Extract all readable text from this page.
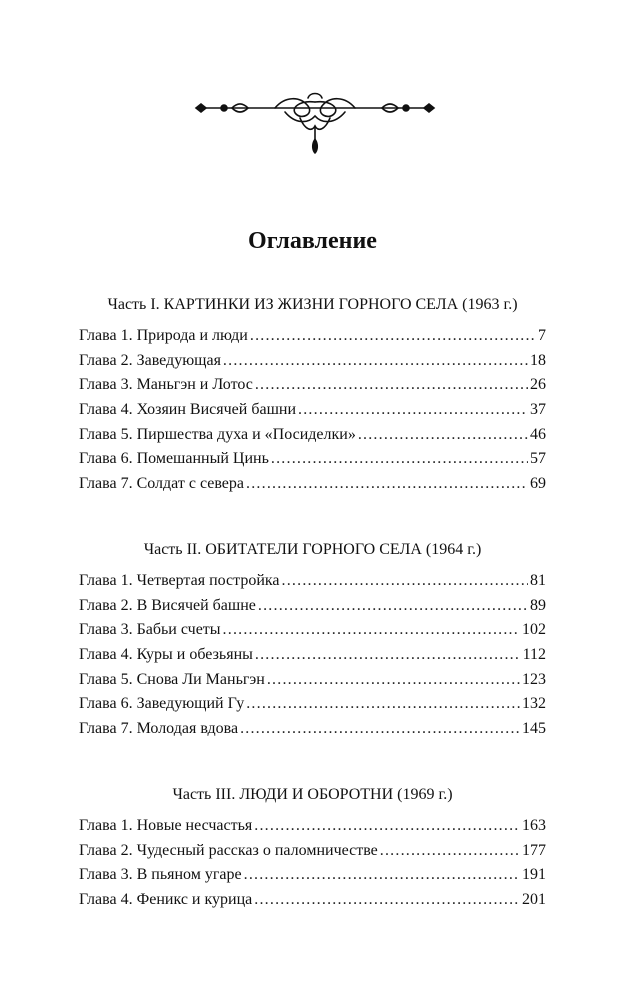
Оглавление
Часть I. КАРТИНКИ ИЗ ЖИЗНИ ГОРНОГО СЕЛА (1963 г.)
Глава 1. Природа и люди .....	7
Глава 2. Заведующая .....	18
Глава 3. Маньгэн и Лотос .....	26
Глава 4. Хозяин Висячей башни .....	37
Глава 5. Пиршества духа и «Посиделки» .....	46
Глава 6. Помешанный Цинь .....	57
Глава 7. Солдат с севера .....	69
Часть II. ОБИТАТЕЛИ ГОРНОГО СЕЛА (1964 г.)
Глава 1. Четвертая постройка .....	81
Глава 2. В Висячей башне .....	89
Глава 3. Бабьи счеты .....	102
Глава 4. Куры и обезьяны .....	112
Глава 5. Снова Ли Маньгэн .....	123
Глава 6. Заведующий Гу .....	132
Глава 7. Молодая вдова .....	145
Часть III. ЛЮДИ И ОБОРОТНИ (1969 г.)
Глава 1. Новые несчастья .....	163
Глава 2. Чудесный рассказ о паломничестве .....	177
Глава 3. В пьяном угаре .....	191
Глава 4. Феникс и курица .....	201
